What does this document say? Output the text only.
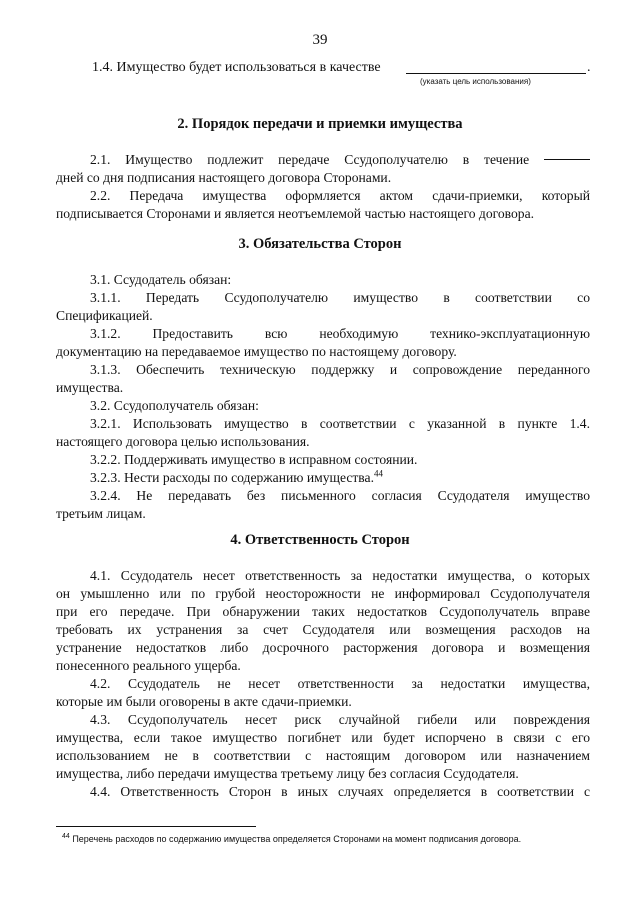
39
1.4. Имущество будет использоваться в качестве	.
(указать цель использования)
2. Порядок передачи и приемки имущества
2.1. Имущество подлежит передаче Ссудополучателю в течение
дней со дня подписания настоящего договора Сторонами.
2.2. Передача имущества оформляется актом сдачи-приемки, который
подписывается Сторонами и является неотъемлемой частью настоящего договора.
3. Обязательства Сторон
3.1. Ссудодатель обязан:
3.1.1. Передать Ссудополучателю имущество в соответствии со
Спецификацией.
3.1.2. Предоставить всю необходимую технико-эксплуатационную
документацию на передаваемое имущество по настоящему договору.
3.1.3. Обеспечить техническую поддержку и сопровождение переданного
имущества.
3.2. Ссудополучатель обязан:
3.2.1. Использовать имущество в соответствии с указанной в пункте 1.4.
настоящего договора целью использования.
3.2.2. Поддерживать имущество в исправном состоянии.
3.2.3. Нести расходы по содержанию имущества.$^{44}$
3.2.4. Не передавать без письменного согласия Ссудодателя имущество
третьим лицам.
4. Ответственность Сторон
4.1. Ссудодатель несет ответственность за недостатки имущества, о которых
он умышленно или по грубой неосторожности не информировал Ссудополучателя
при его передаче. При обнаружении таких недостатков Ссудополучатель вправе
требовать их устранения за счет Ссудодателя или возмещения расходов на
устранение недостатков либо досрочного расторжения договора и возмещения
понесенного реального ущерба.
4.2. Ссудодатель не несет ответственности за недостатки имущества,
которые им были оговорены в акте сдачи-приемки.
4.3. Ссудополучатель несет риск случайной гибели или повреждения
имущества, если такое имущество погибнет или будет испорчено в связи с его
использованием не в соответствии с настоящим договором или назначением
имущества, либо передачи имущества третьему лицу без согласия Ссудодателя.
4.4. Ответственность Сторон в иных случаях определяется в соответствии с
$^{44}$ Перечень расходов по содержанию имущества определяется Сторонами на момент подписания договора.
